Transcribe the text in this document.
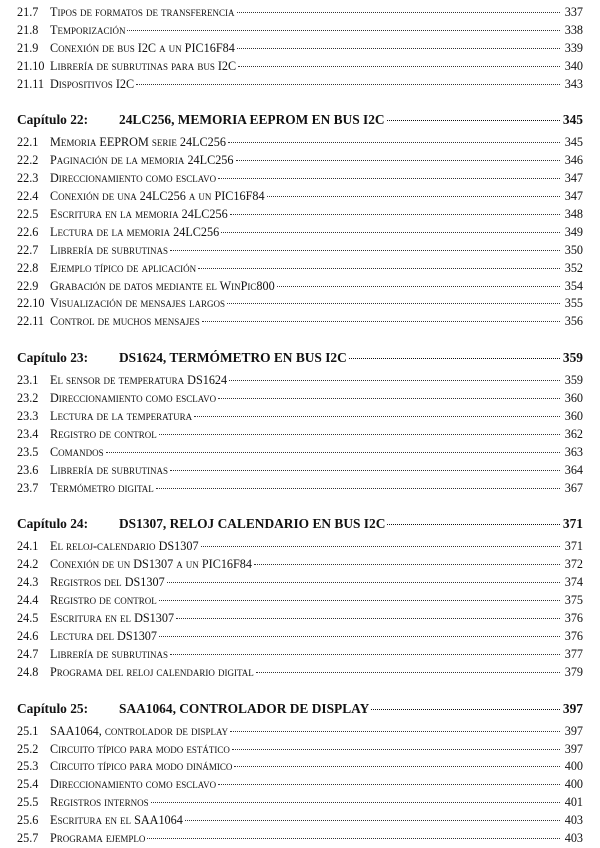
21.7 Tipos de formatos de transferencia	337
21.8 Temporización	338
21.9 Conexión de bus I2C a un PIC16F84	339
21.10 Librería de subrutinas para bus I2C	340
21.11 Dispositivos I2C	343
Capítulo 22:	24LC256, MEMORIA EEPROM EN BUS I2C	345
22.1 Memoria EEPROM serie 24LC256	345
22.2 Paginación de la memoria 24LC256	346
22.3 Direccionamiento como esclavo	347
22.4 Conexión de una 24LC256 a un PIC16F84	347
22.5 Escritura en la memoria 24LC256	348
22.6 Lectura de la memoria 24LC256	349
22.7 Librería de subrutinas	350
22.8 Ejemplo típico de aplicación	352
22.9 Grabación de datos mediante el WinPic800	354
22.10 Visualización de mensajes largos	355
22.11 Control de muchos mensajes	356
Capítulo 23:	DS1624, TERMÓMETRO EN BUS I2C	359
23.1 El sensor de temperatura DS1624	359
23.2 Direccionamiento como esclavo	360
23.3 Lectura de la temperatura	360
23.4 Registro de control	362
23.5 Comandos	363
23.6 Librería de subrutinas	364
23.7 Termómetro digital	367
Capítulo 24:	DS1307, RELOJ CALENDARIO EN BUS I2C	371
24.1 El reloj-calendario DS1307	371
24.2 Conexión de un DS1307 a un PIC16F84	372
24.3 Registros del DS1307	374
24.4 Registro de control	375
24.5 Escritura en el DS1307	376
24.6 Lectura del DS1307	376
24.7 Librería de subrutinas	377
24.8 Programa del reloj calendario digital	379
Capítulo 25:	SAA1064, CONTROLADOR DE DISPLAY	397
25.1 SAA1064, controlador de display	397
25.2 Circuito típico para modo estático	397
25.3 Circuito típico para modo dinámico	400
25.4 Direccionamiento como esclavo	400
25.5 Registros internos	401
25.6 Escritura en el SAA1064	403
25.7 Programa ejemplo	403
